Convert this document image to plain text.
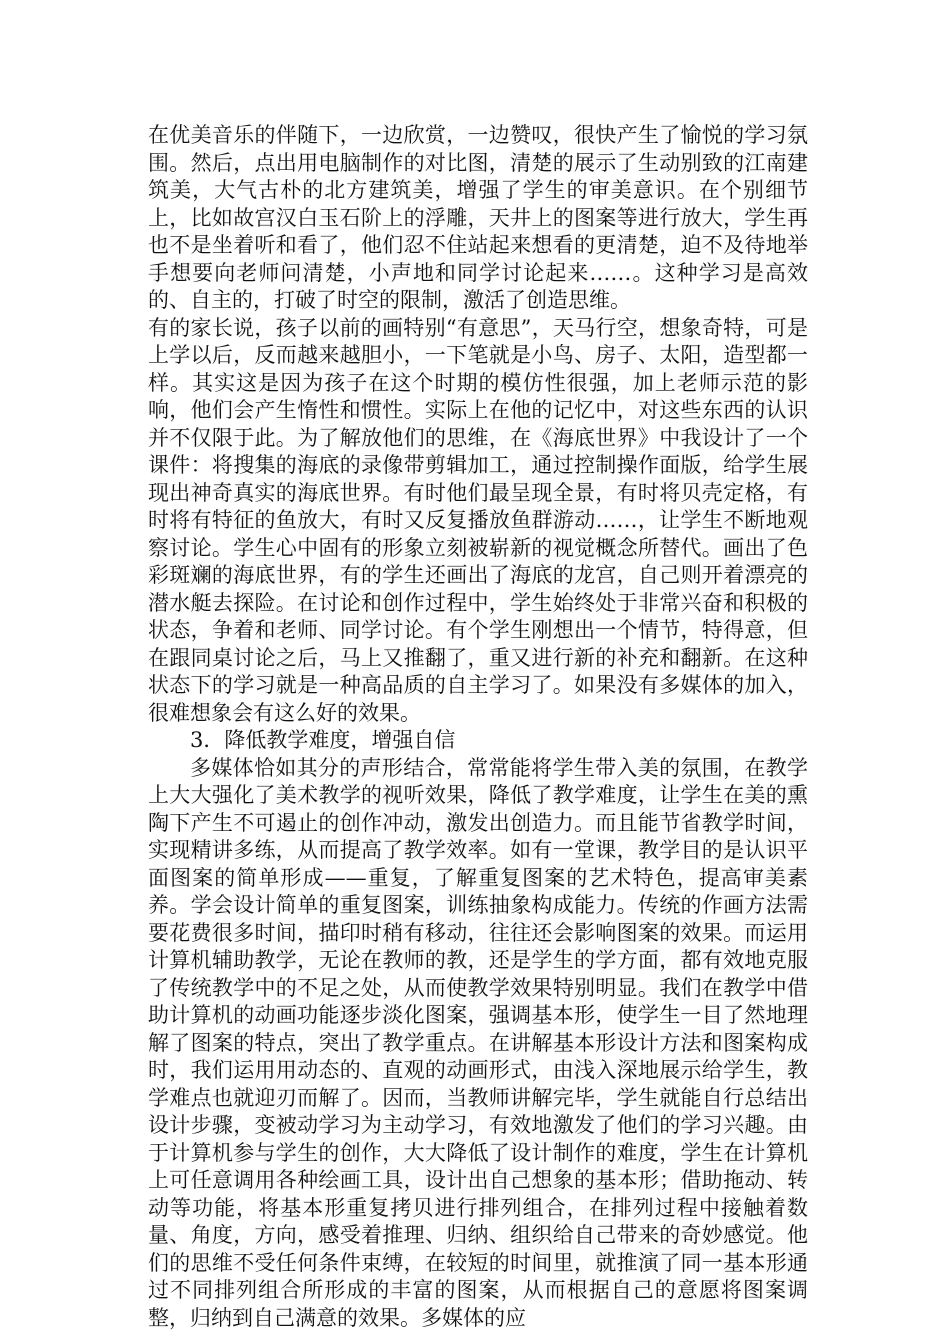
在优美音乐的伴随下，一边欣赏，一边赞叹，很快产生了愉悦的学习氛围。然后，点出用电脑制作的对比图，清楚的展示了生动别致的江南建筑美，大气古朴的北方建筑美，增强了学生的审美意识。在个别细节上，比如故宫汉白玉石阶上的浮雕，天井上的图案等进行放大，学生再也不是坐着听和看了，他们忍不住站起来想看的更清楚，迫不及待地举手想要向老师问清楚，小声地和同学讨论起来……。这种学习是高效的、自主的，打破了时空的限制，激活了创造思维。

有的家长说，孩子以前的画特别“有意思”，天马行空，想象奇特，可是上学以后，反而越来越胆小，一下笔就是小鸟、房子、太阳，造型都一样。其实这是因为孩子在这个时期的模仿性很强，加上老师示范的影响，他们会产生惰性和惯性。实际上在他的记忆中，对这些东西的认识并不仅限于此。为了解放他们的思维，在《海底世界》中我设计了一个课件：将搜集的海底的录像带剪辑加工，通过控制操作面版，给学生展现出神奇真实的海底世界。有时他们最呈现全景，有时将贝壳定格，有时将有特征的鱼放大，有时又反复播放鱼群游动……，让学生不断地观察讨论。学生心中固有的形象立刻被崭新的视觉概念所替代。画出了色彩斑斓的海底世界，有的学生还画出了海底的龙宫，自己则开着漂亮的潜水艇去探险。在讨论和创作过程中，学生始终处于非常兴奋和积极的状态，争着和老师、同学讨论。有个学生刚想出一个情节，特得意，但在跟同桌讨论之后，马上又推翻了，重又进行新的补充和翻新。在这种状态下的学习就是一种高品质的自主学习了。如果没有多媒体的加入，很难想象会有这么好的效果。

3．降低教学难度，增强自信

多媒体恰如其分的声形结合，常常能将学生带入美的氛围，在教学上大大强化了美术教学的视听效果，降低了教学难度，让学生在美的熏陶下产生不可遏止的创作冲动，激发出创造力。而且能节省教学时间，实现精讲多练，从而提高了教学效率。如有一堂课，教学目的是认识平面图案的简单形成——重复，了解重复图案的艺术特色，提高审美素养。学会设计简单的重复图案，训练抽象构成能力。传统的作画方法需要花费很多时间，描印时稍有移动，往往还会影响图案的效果。而运用计算机辅助教学，无论在教师的教，还是学生的学方面，都有效地克服了传统教学中的不足之处，从而使教学效果特别明显。我们在教学中借助计算机的动画功能逐步淡化图案，强调基本形，使学生一目了然地理解了图案的特点，突出了教学重点。在讲解基本形设计方法和图案构成时，我们运用用动态的、直观的动画形式，由浅入深地展示给学生，教学难点也就迎刃而解了。因而，当教师讲解完毕，学生就能自行总结出设计步骤，变被动学习为主动学习，有效地激发了他们的学习兴趣。由于计算机参与学生的创作，大大降低了设计制作的难度，学生在计算机上可任意调用各种绘画工具，设计出自己想象的基本形；借助拖动、转动等功能，将基本形重复拷贝进行排列组合，在排列过程中接触着数量、角度，方向，感受着推理、归纳、组织给自己带来的奇妙感觉。他们的思维不受任何条件束缚，在较短的时间里，就推演了同一基本形通过不同排列组合所形成的丰富的图案，从而根据自己的意愿将图案调整，归纳到自己满意的效果。多媒体的应
